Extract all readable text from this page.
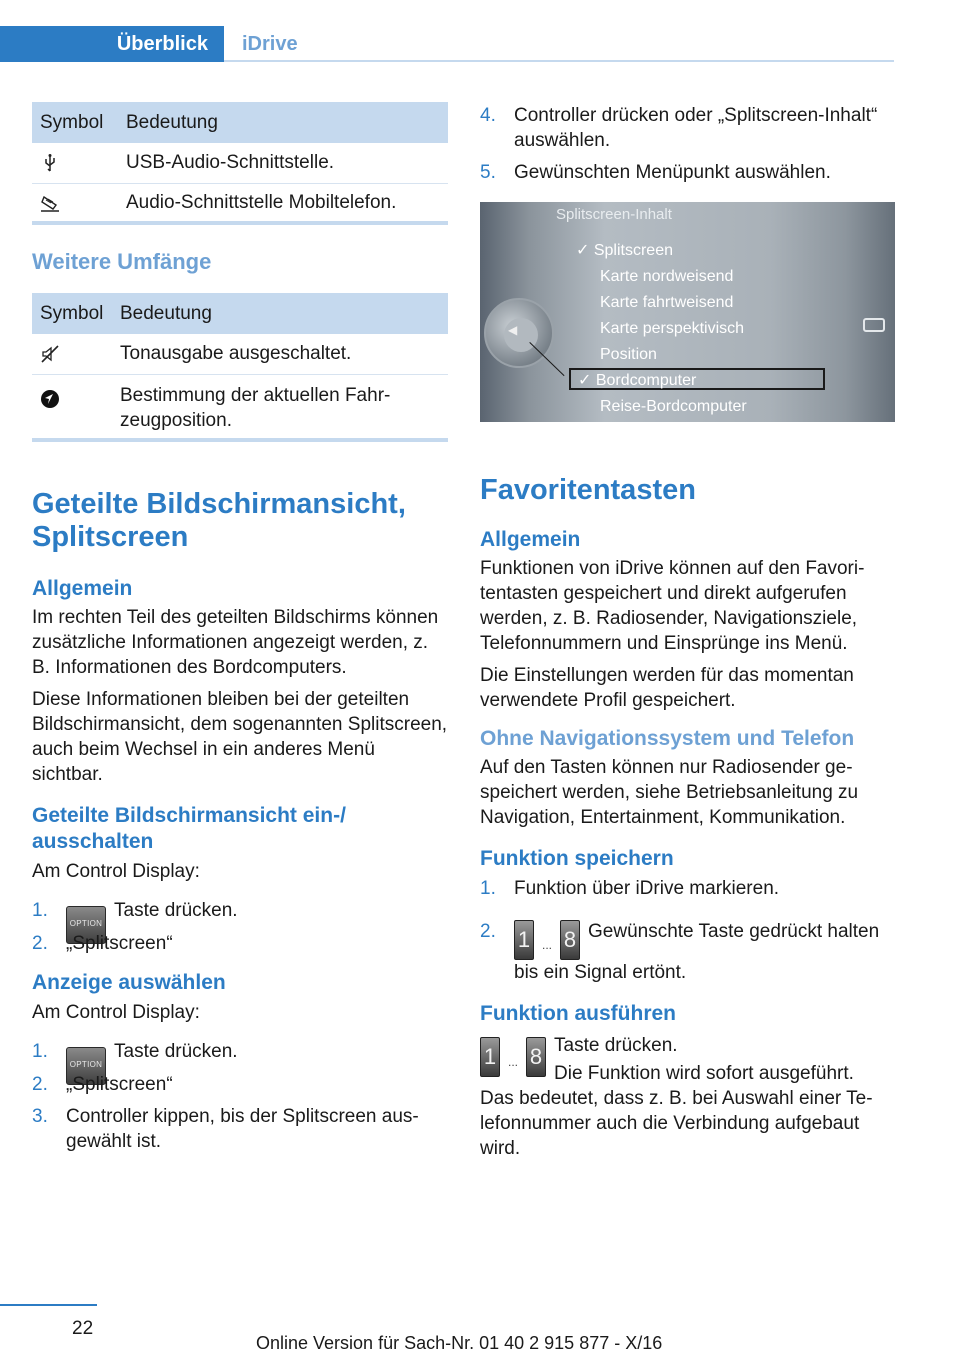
Überblick	iDrive
Symbol	Bedeutung
	USB-Audio-Schnittstelle.
	Audio-Schnittstelle Mobiltelefon.
Weitere Umfänge
Symbol	Bedeutung
	Tonausgabe ausgeschaltet.
	Bestimmung der aktuellen Fahrzeugposition.
Geteilte Bildschirmansicht, Splitscreen
Allgemein
Im rechten Teil des geteilten Bildschirms können zusätzliche Informationen angezeigt werden, z. B. Informationen des Bordcomputers.
Diese Informationen bleiben bei der geteilten Bildschirmansicht, dem sogenannten Splitscreen, auch beim Wechsel in ein anderes Menü sichtbar.
Geteilte Bildschirmansicht ein-/ ausschalten
Am Control Display:
1.
OPTIONTaste drücken.
2. „Splitscreen“
Anzeige auswählen
Am Control Display:
1.
OPTIONTaste drücken.
2. „Splitscreen“
3. Controller kippen, bis der Splitscreen ausgewählt ist.
4. Controller drücken oder „Splitscreen-Inhalt“ auswählen.
5. Gewünschten Menüpunkt auswählen.
Splitscreen-Inhalt
◀
✓ Splitscreen
Karte nordweisend
Karte fahrtweisend
Karte perspektivisch
Position
✓ Bordcomputer
Reise-Bordcomputer
Favoritentasten
Allgemein
Funktionen von iDrive können auf den Favoritentasten gespeichert und direkt aufgerufen werden, z. B. Radiosender, Navigationsziele, Telefonnummern und Einsprünge ins Menü.
Die Einstellungen werden für das momentan verwendete Profil gespeichert.
Ohne Navigationssystem und Telefon
Auf den Tasten können nur Radiosender gespeichert werden, siehe Betriebsanleitung zu Navigation, Entertainment, Kommunikation.
Funktion speichern
1. Funktion über iDrive markieren.
2. 1 ... 8 Gewünschte Taste gedrückt halten bis ein Signal ertönt.
Funktion ausführen
1 ... 8 Taste drücken.
Die Funktion wird sofort ausgeführt.
Das bedeutet, dass z. B. bei Auswahl einer Telefonnummer auch die Verbindung aufgebaut wird.
22
Online Version für Sach-Nr. 01 40 2 915 877 - X/16
